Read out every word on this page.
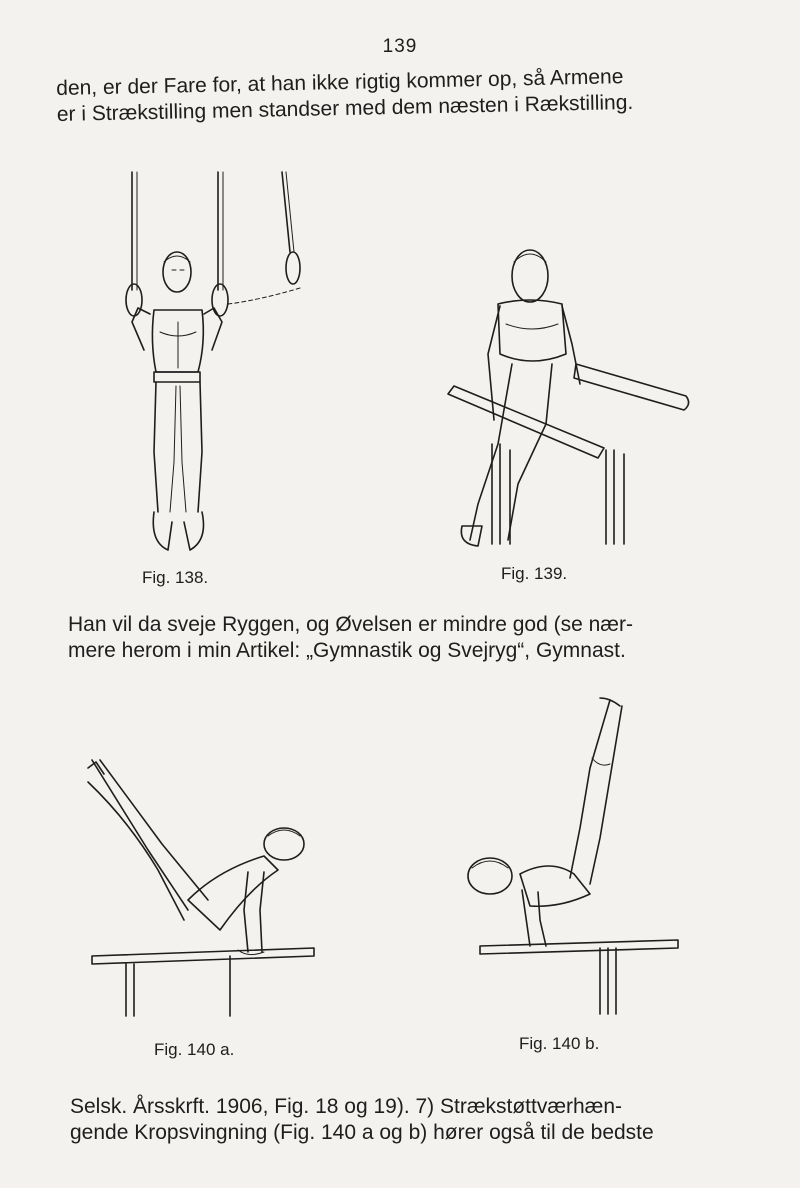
139
den, er der Fare for, at han ikke rigtig kommer op, så Armene
er i Strækstilling men standser med dem næsten i Rækstilling.
Fig. 138.	Fig. 139.
Han vil da sveje Ryggen, og Øvelsen er mindre god (se nær-
mere herom i min Artikel: „Gymnastik og Svejryg“, Gymnast.
Fig. 140 a.	Fig. 140 b.
Selsk. Årsskrft. 1906, Fig. 18 og 19). 7) Strækstøttværhæn-
gende Kropsvingning (Fig. 140 a og b) hører også til de bedste
